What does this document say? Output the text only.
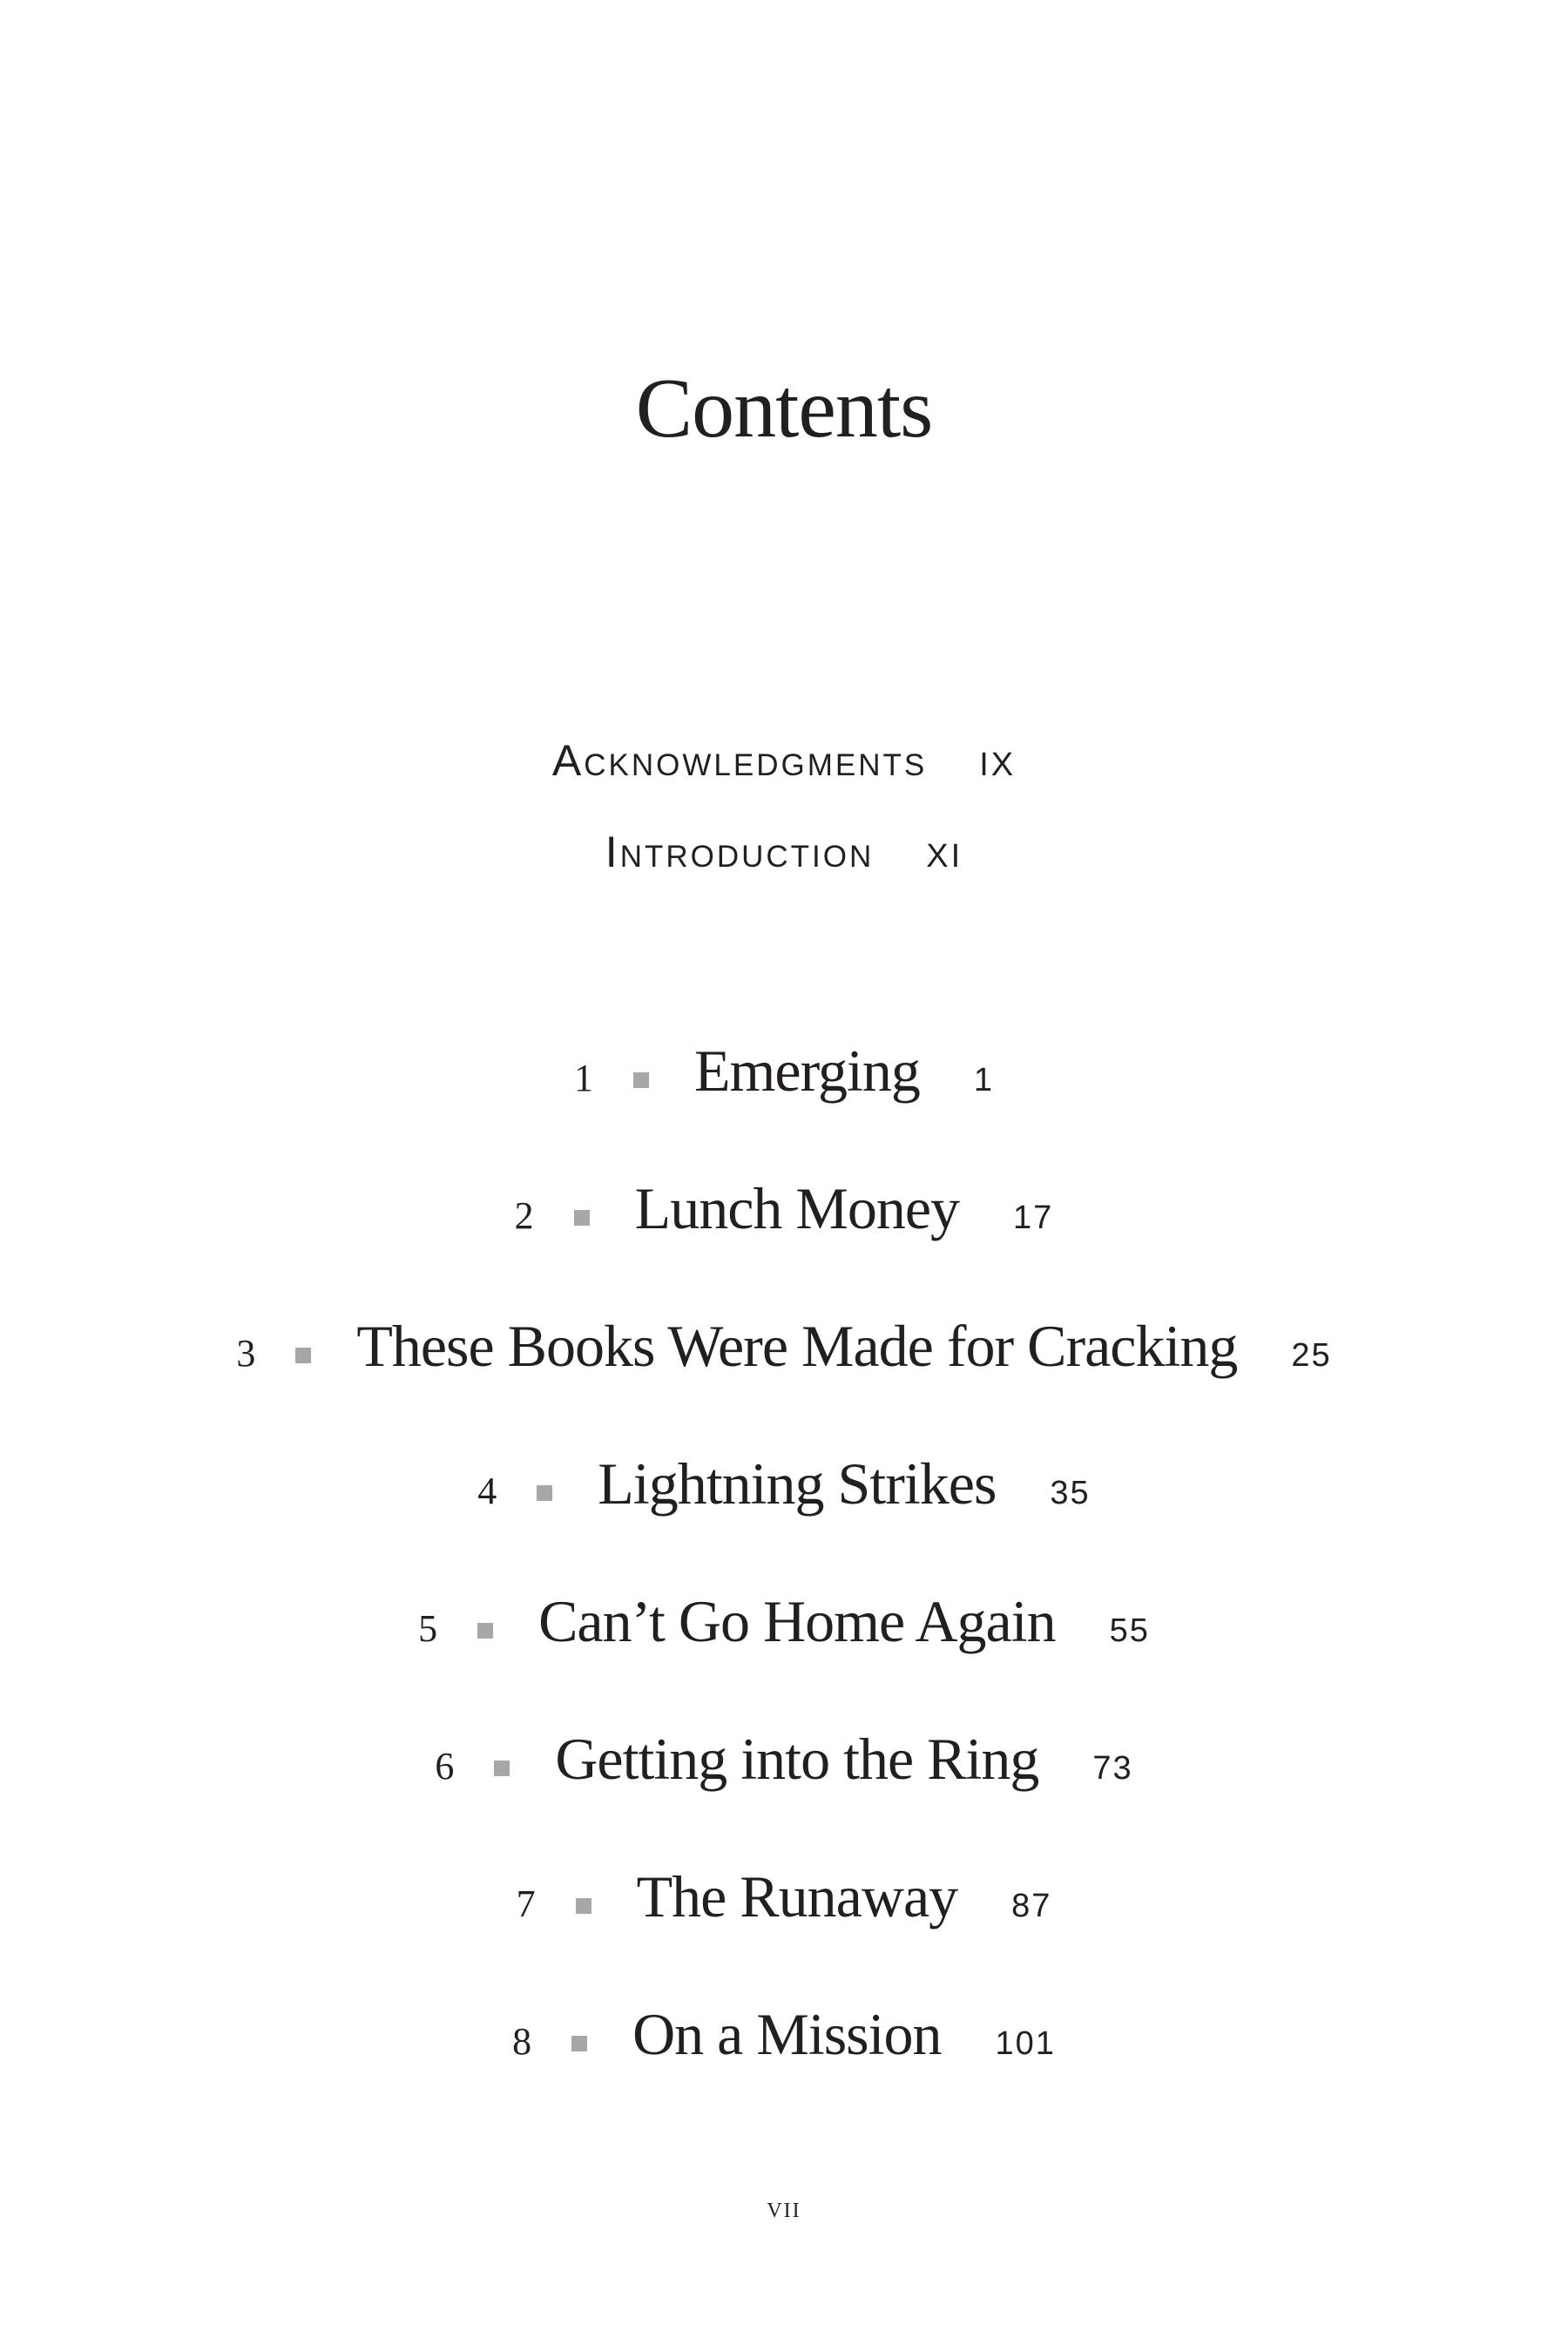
Contents
Acknowledgments IX
Introduction XI
1 Emerging 1
2 Lunch Money 17
3 These Books Were Made for Cracking 25
4 Lightning Strikes 35
5 Can’t Go Home Again 55
6 Getting into the Ring 73
7 The Runaway 87
8 On a Mission 101
vii
